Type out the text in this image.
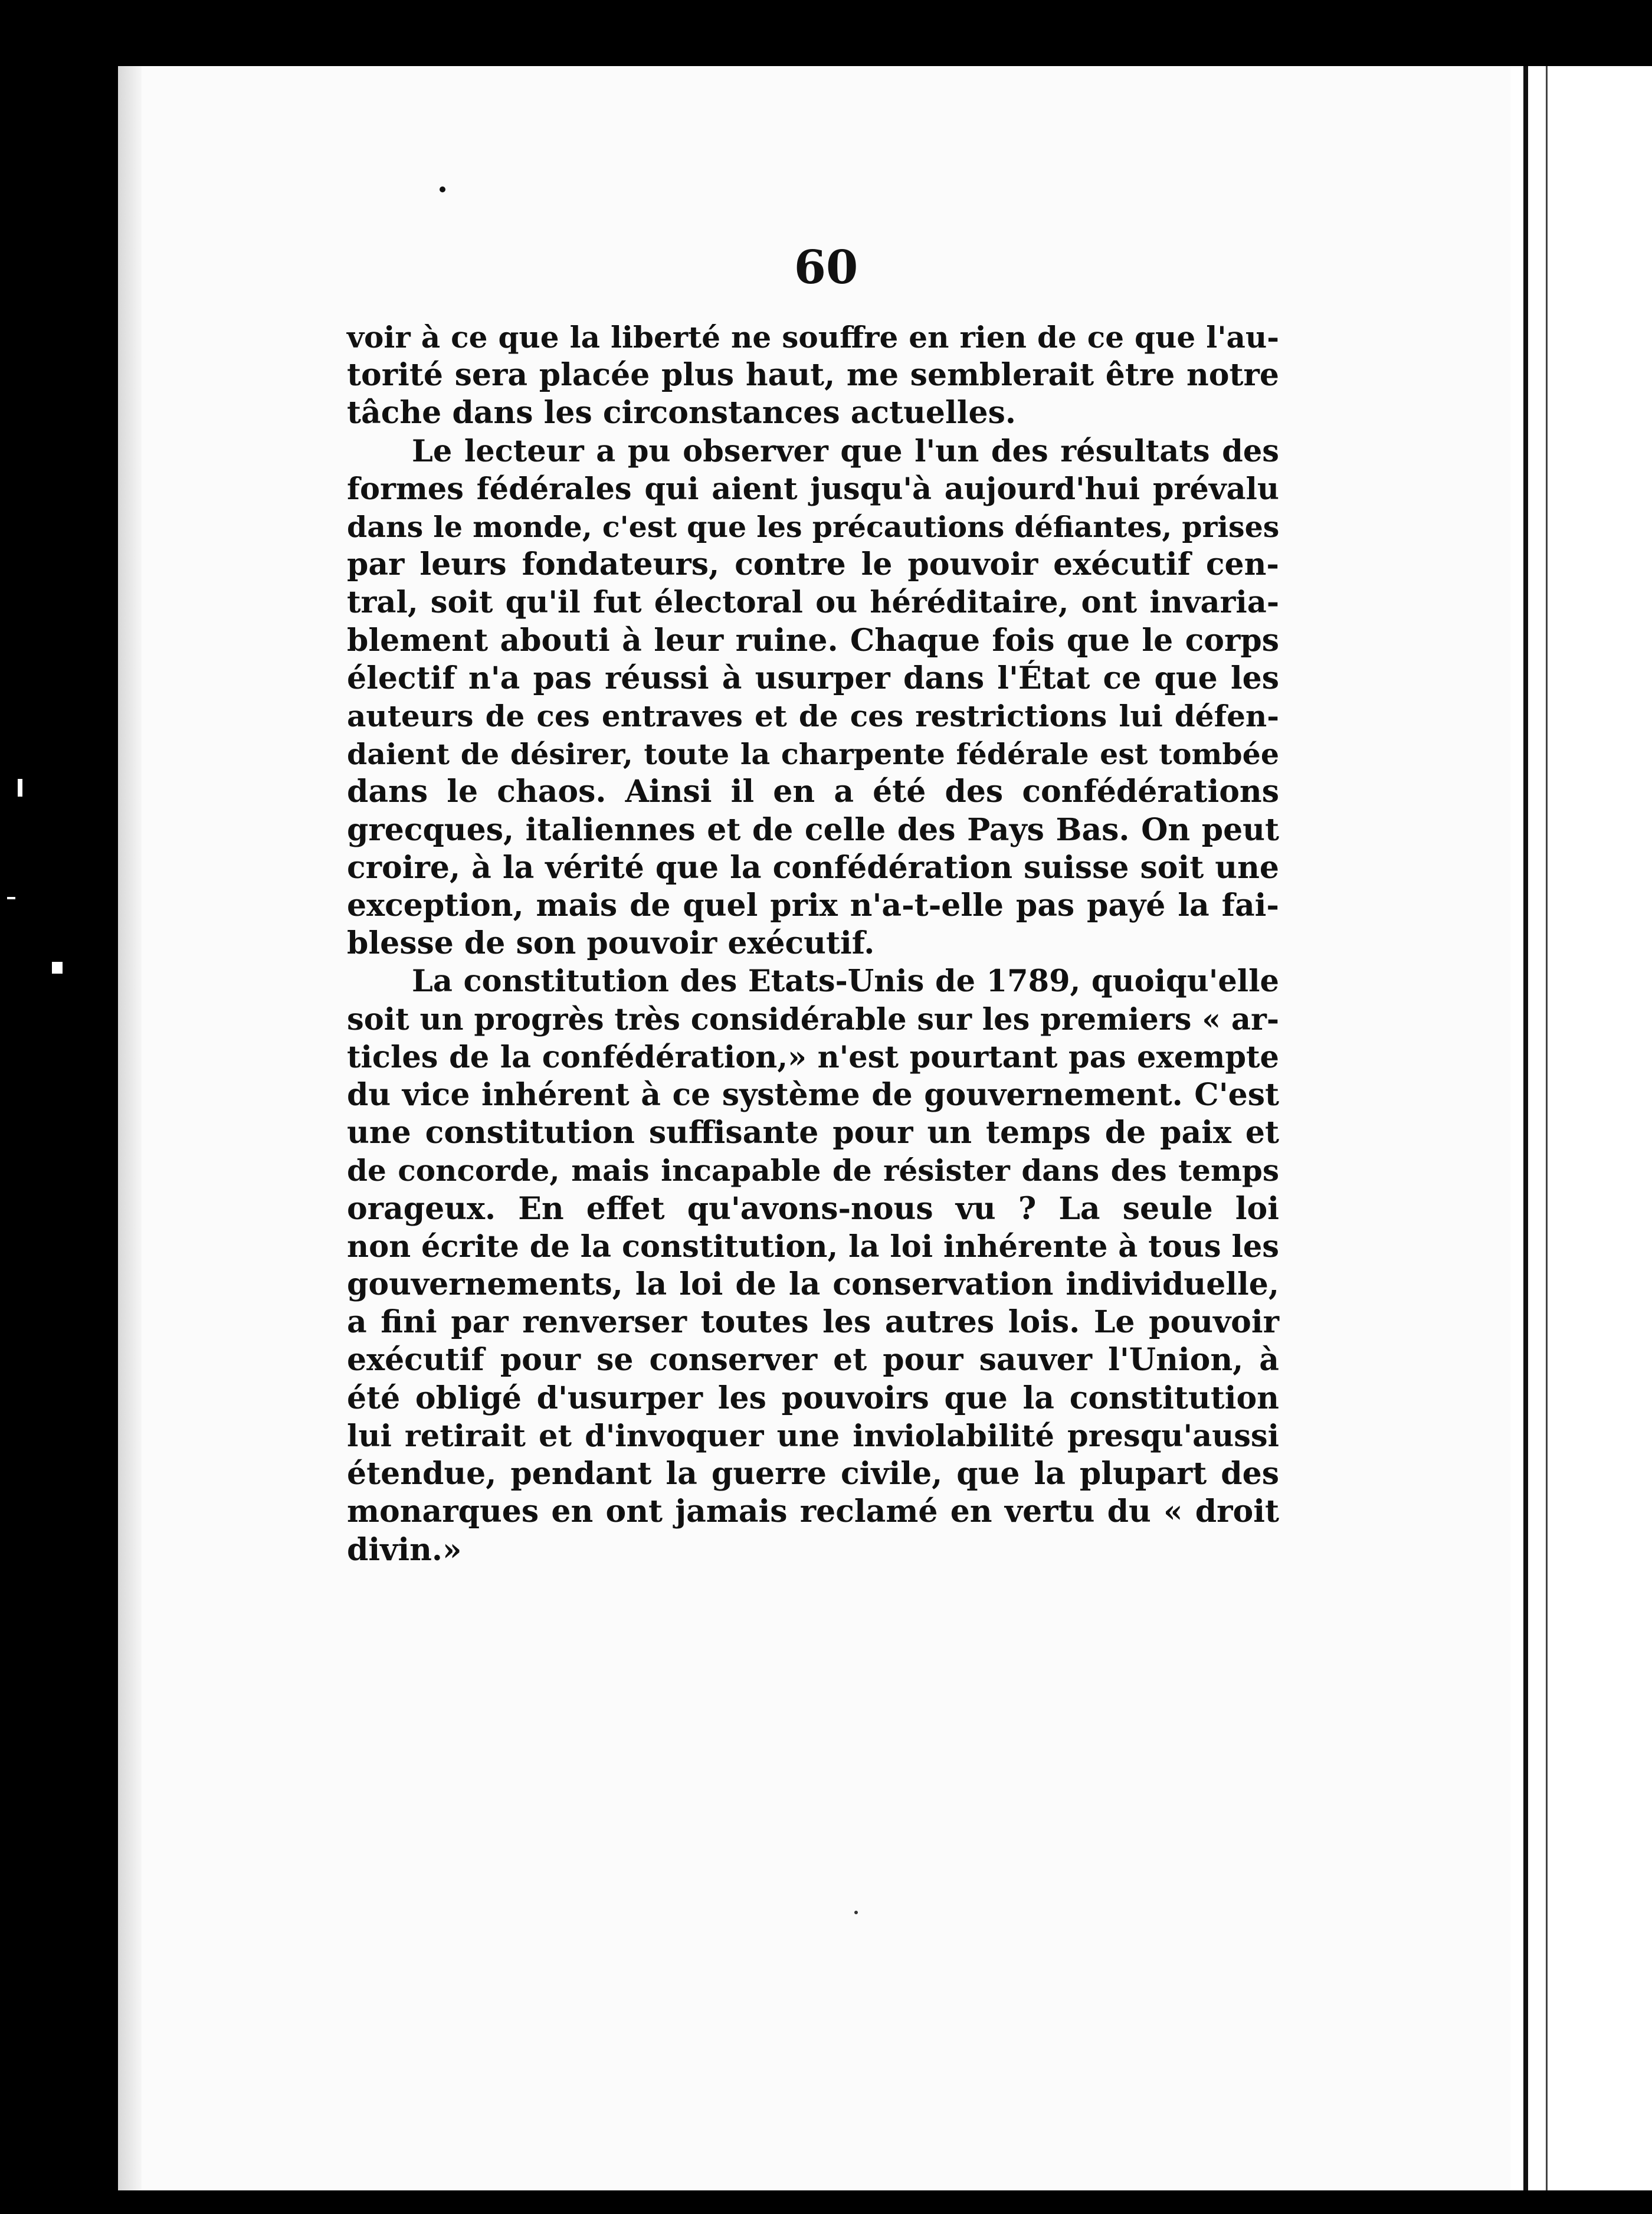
60
voir à ce que la liberté ne souffre en rien de ce que l'au-
torité sera placée plus haut, me semblerait être notre
tâche dans les circonstances actuelles.
Le lecteur a pu observer que l'un des résultats des
formes fédérales qui aient jusqu'à aujourd'hui prévalu
dans le monde, c'est que les précautions défiantes, prises
par leurs fondateurs, contre le pouvoir exécutif cen-
tral, soit qu'il fut électoral ou héréditaire, ont invaria-
blement abouti à leur ruine. Chaque fois que le corps
électif n'a pas réussi à usurper dans l'État ce que les
auteurs de ces entraves et de ces restrictions lui défen-
daient de désirer, toute la charpente fédérale est tombée
dans le chaos. Ainsi il en a été des confédérations
grecques, italiennes et de celle des Pays Bas. On peut
croire, à la vérité que la confédération suisse soit une
exception, mais de quel prix n'a-t-elle pas payé la fai-
blesse de son pouvoir exécutif.
La constitution des Etats-Unis de 1789, quoiqu'elle
soit un progrès très considérable sur les premiers « ar-
ticles de la confédération,» n'est pourtant pas exempte
du vice inhérent à ce système de gouvernement. C'est
une constitution suffisante pour un temps de paix et
de concorde, mais incapable de résister dans des temps
orageux. En effet qu'avons-nous vu ? La seule loi
non écrite de la constitution, la loi inhérente à tous les
gouvernements, la loi de la conservation individuelle,
a fini par renverser toutes les autres lois. Le pouvoir
exécutif pour se conserver et pour sauver l'Union, à
été obligé d'usurper les pouvoirs que la constitution
lui retirait et d'invoquer une inviolabilité presqu'aussi
étendue, pendant la guerre civile, que la plupart des
monarques en ont jamais reclamé en vertu du « droit
divin.»
